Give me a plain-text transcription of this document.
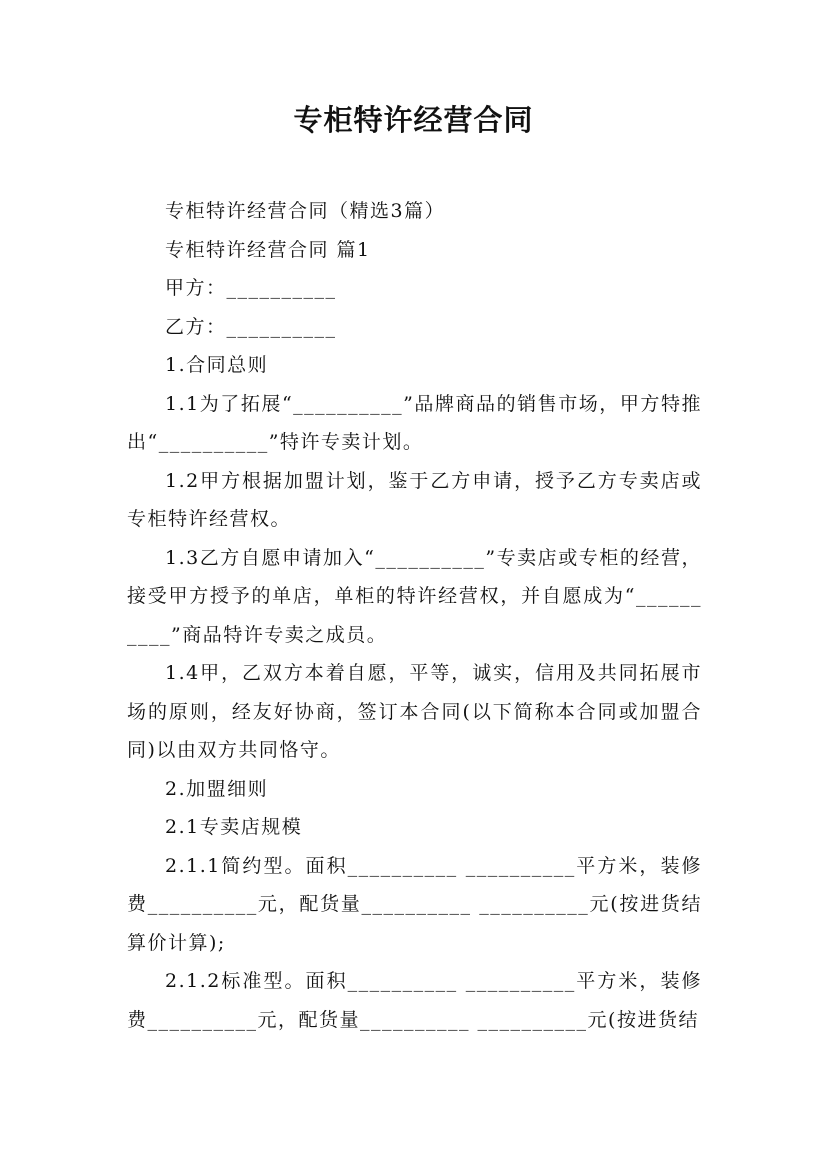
专柜特许经营合同

专柜特许经营合同（精选3篇）

专柜特许经营合同 篇1

甲方：__________

乙方：__________

1.合同总则

1.1为了拓展“__________”品牌商品的销售市场，甲方特推出“__________”特许专卖计划。

1.2甲方根据加盟计划，鉴于乙方申请，授予乙方专卖店或专柜特许经营权。

1.3乙方自愿申请加入“__________”专卖店或专柜的经营，接受甲方授予的单店，单柜的特许经营权，并自愿成为“__________”商品特许专卖之成员。

1.4甲，乙双方本着自愿，平等，诚实，信用及共同拓展市场的原则，经友好协商，签订本合同(以下简称本合同或加盟合同)以由双方共同恪守。

2.加盟细则

2.1专卖店规模

2.1.1简约型。面积__________ __________平方米，装修费__________元，配货量__________ __________元(按进货结算价计算);

2.1.2标准型。面积__________ __________平方米，装修费__________元，配货量__________ __________元(按进货结
